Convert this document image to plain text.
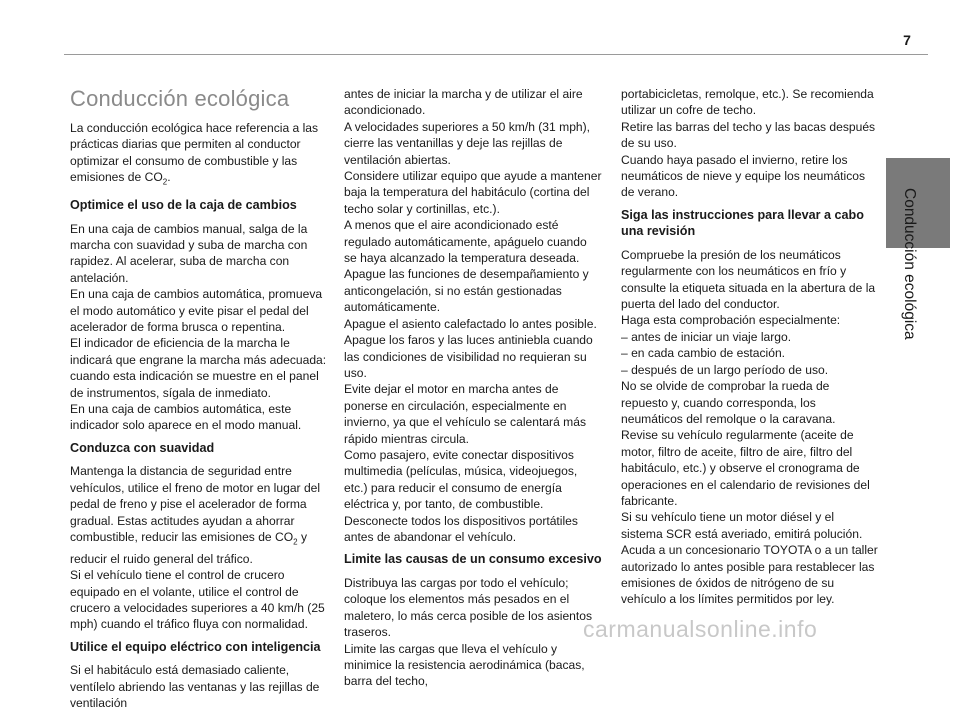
7
Conducción ecológica
Conducción ecológica

La conducción ecológica hace referencia a las prácticas diarias que permiten al conductor optimizar el consumo de combustible y las emisiones de $CO_2$.

Optimice el uso de la caja de cambios

En una caja de cambios manual, salga de la marcha con suavidad y suba de marcha con rapidez. Al acelerar, suba de marcha con antelación.
En una caja de cambios automática, promueva el modo automático y evite pisar el pedal del acelerador de forma brusca o repentina.
El indicador de eficiencia de la marcha le indicará que engrane la marcha más adecuada: cuando esta indicación se muestre en el panel de instrumentos, sígala de inmediato.
En una caja de cambios automática, este indicador solo aparece en el modo manual.

Conduzca con suavidad

Mantenga la distancia de seguridad entre vehículos, utilice el freno de motor en lugar del pedal de freno y pise el acelerador de forma gradual. Estas actitudes ayudan a ahorrar combustible, reducir las emisiones de $CO_2$ y reducir el ruido general del tráfico.
Si el vehículo tiene el control de crucero equipado en el volante, utilice el control de crucero a velocidades superiores a 40 km/h (25 mph) cuando el tráfico fluya con normalidad.

Utilice el equipo eléctrico con inteligencia

Si el habitáculo está demasiado caliente, ventílelo abriendo las ventanas y las rejillas de ventilación

antes de iniciar la marcha y de utilizar el aire acondicionado.
A velocidades superiores a 50 km/h (31 mph), cierre las ventanillas y deje las rejillas de ventilación abiertas.
Considere utilizar equipo que ayude a mantener baja la temperatura del habitáculo (cortina del techo solar y cortinillas, etc.).
A menos que el aire acondicionado esté regulado automáticamente, apáguelo cuando se haya alcanzado la temperatura deseada.
Apague las funciones de desempañamiento y anticongelación, si no están gestionadas automáticamente.
Apague el asiento calefactado lo antes posible.
Apague los faros y las luces antiniebla cuando las condiciones de visibilidad no requieran su uso.
Evite dejar el motor en marcha antes de ponerse en circulación, especialmente en invierno, ya que el vehículo se calentará más rápido mientras circula.
Como pasajero, evite conectar dispositivos multimedia (películas, música, videojuegos, etc.) para reducir el consumo de energía eléctrica y, por tanto, de combustible.
Desconecte todos los dispositivos portátiles antes de abandonar el vehículo.

Limite las causas de un consumo excesivo

Distribuya las cargas por todo el vehículo; coloque los elementos más pesados en el maletero, lo más cerca posible de los asientos traseros.
Limite las cargas que lleva el vehículo y minimice la resistencia aerodinámica (bacas, barra del techo,

portabicicletas, remolque, etc.). Se recomienda utilizar un cofre de techo.
Retire las barras del techo y las bacas después de su uso.
Cuando haya pasado el invierno, retire los neumáticos de nieve y equipe los neumáticos de verano.

Siga las instrucciones para llevar a cabo una revisión

Compruebe la presión de los neumáticos regularmente con los neumáticos en frío y consulte la etiqueta situada en la abertura de la puerta del lado del conductor.
Haga esta comprobación especialmente:
– antes de iniciar un viaje largo.
– en cada cambio de estación.
– después de un largo período de uso.
No se olvide de comprobar la rueda de repuesto y, cuando corresponda, los neumáticos del remolque o la caravana.
Revise su vehículo regularmente (aceite de motor, filtro de aceite, filtro de aire, filtro del habitáculo, etc.) y observe el cronograma de operaciones en el calendario de revisiones del fabricante.
Si su vehículo tiene un motor diésel y el sistema SCR está averiado, emitirá polución. Acuda a un concesionario TOYOTA o a un taller autorizado lo antes posible para restablecer las emisiones de óxidos de nitrógeno de su vehículo a los límites permitidos por ley.

carmanualsonline.info
